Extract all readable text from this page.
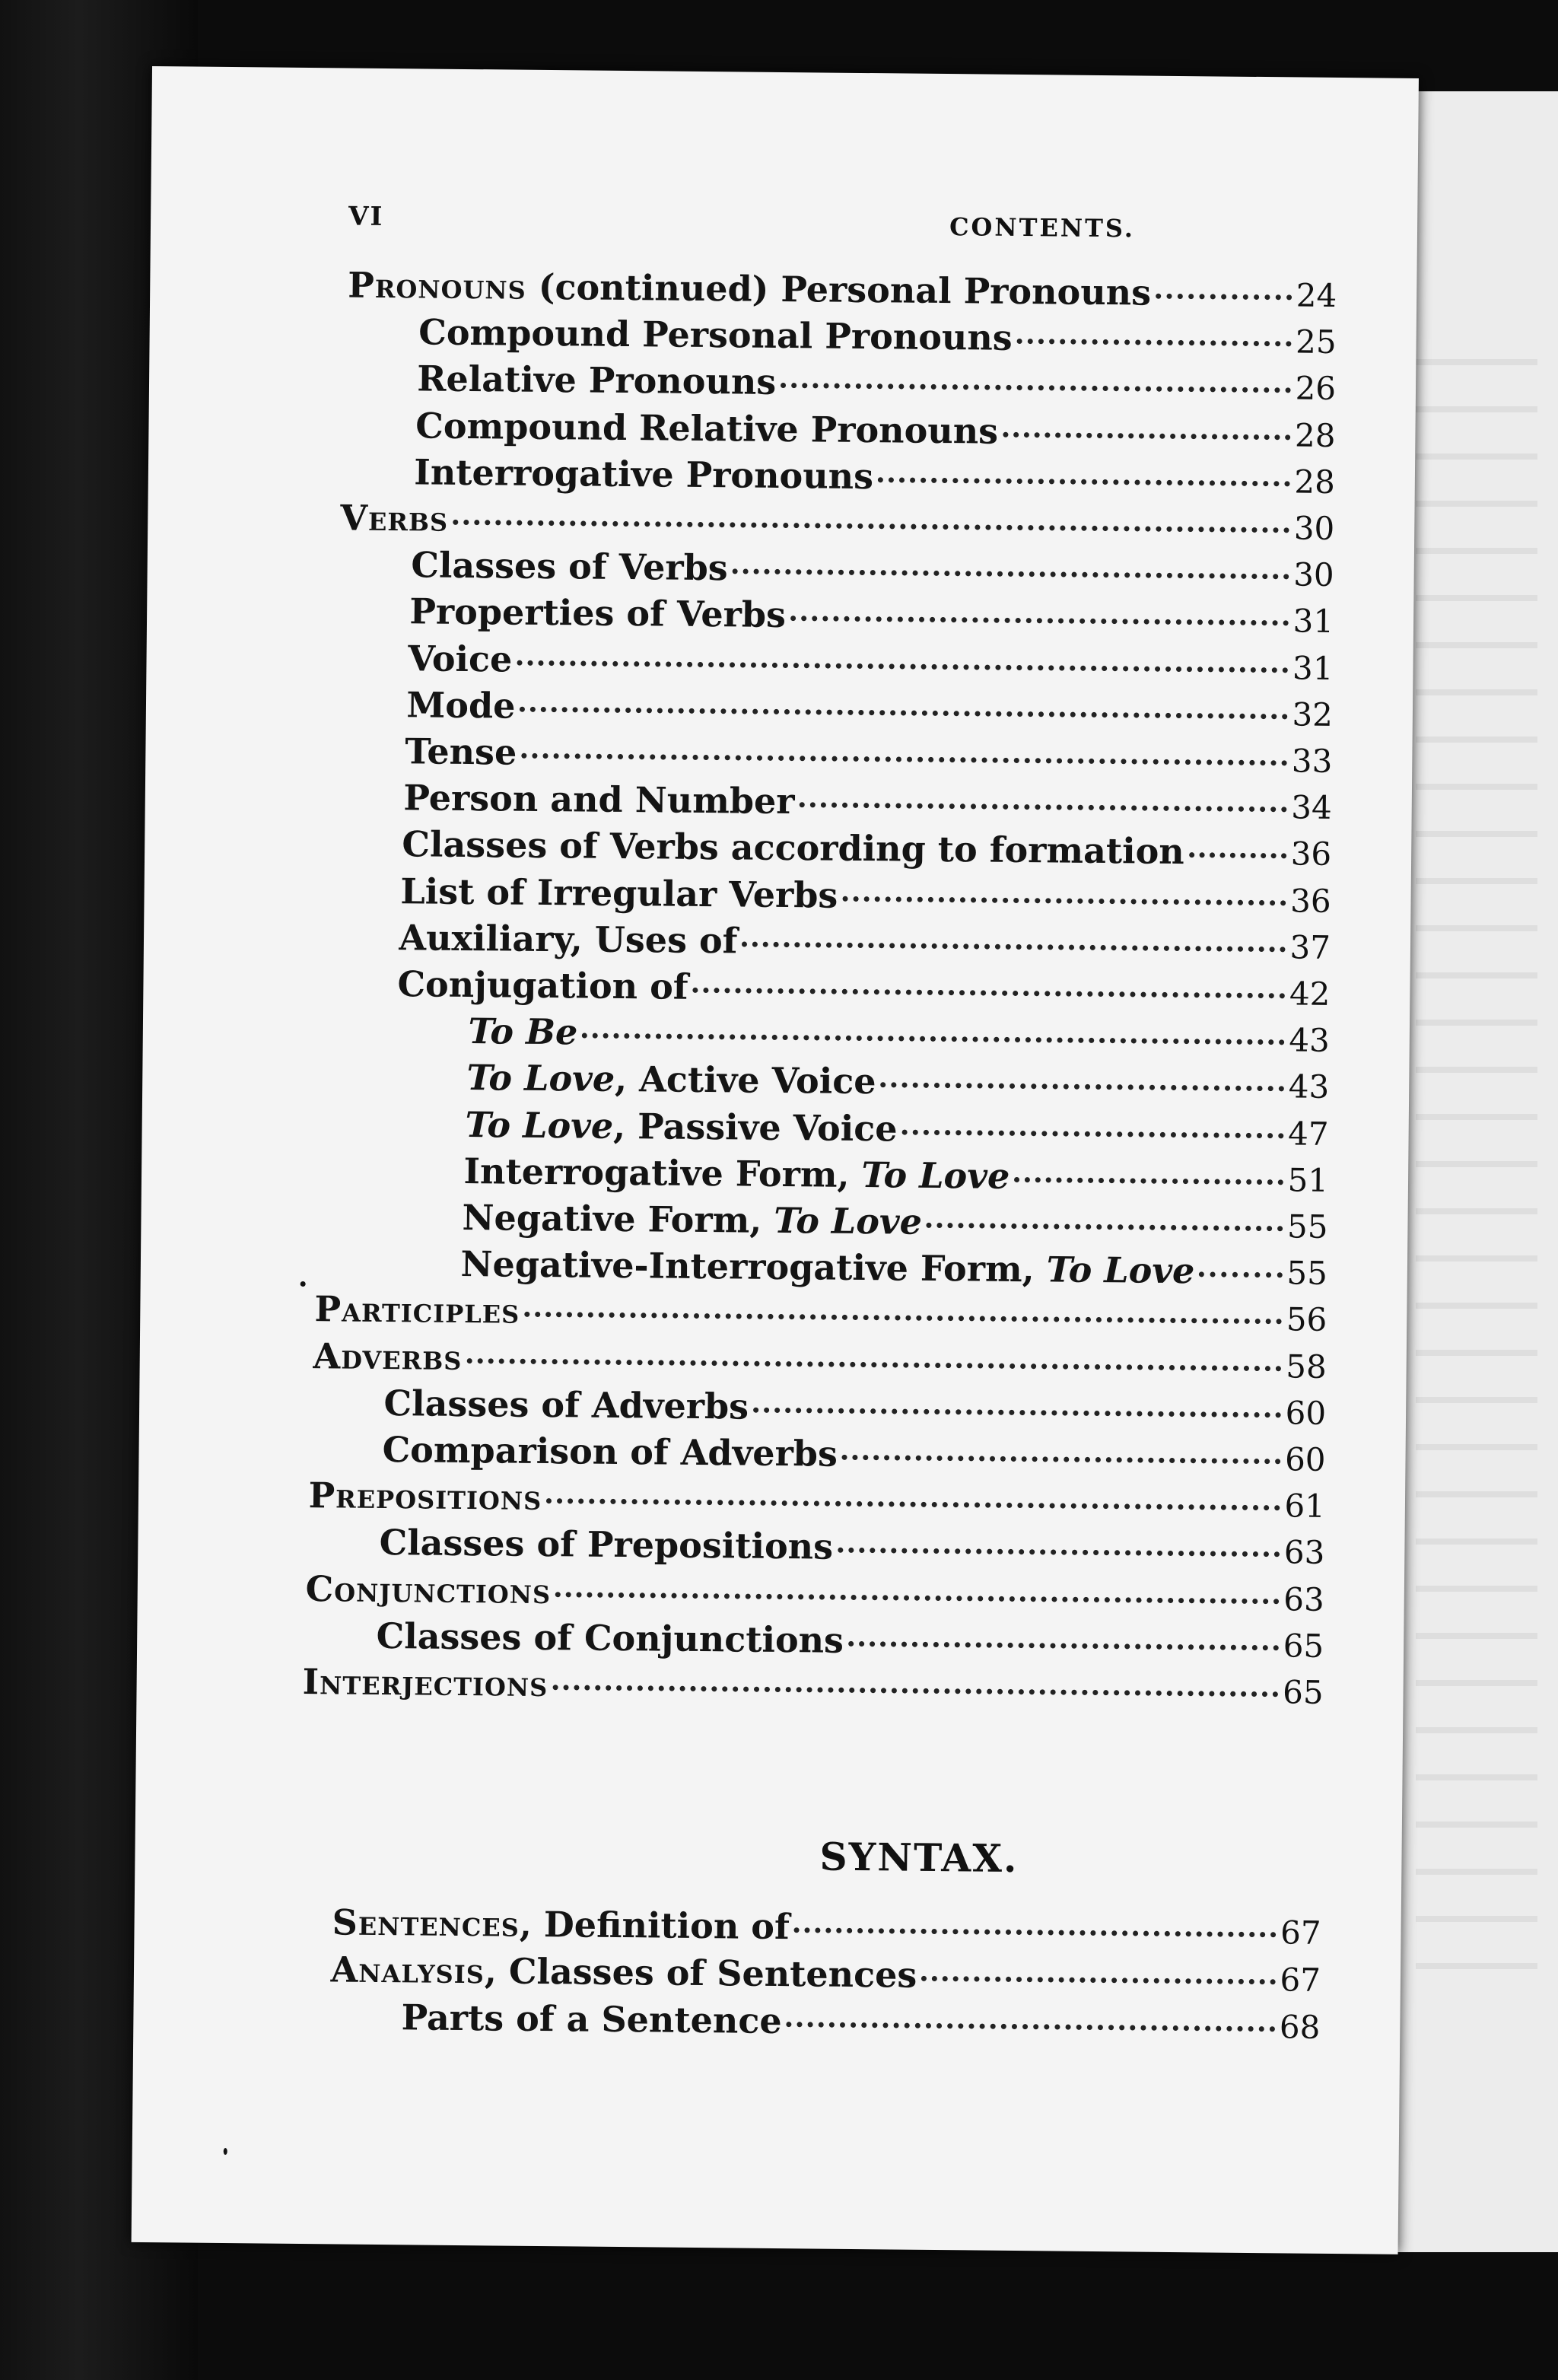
VI	CONTENTS.
Pronouns (continued) Personal Pronouns	24
Compound Personal Pronouns	25
Relative Pronouns	26
Compound Relative Pronouns	28
Interrogative Pronouns	28
Verbs	30
Classes of Verbs	30
Properties of Verbs	31
Voice	31
Mode	32
Tense	33
Person and Number	34
Classes of Verbs according to formation	36
List of Irregular Verbs	36
Auxiliary, Uses of	37
Conjugation of	42
To Be	43
To Love, Active Voice	43
To Love, Passive Voice	47
Interrogative Form, To Love	51
Negative Form, To Love	55
Negative-Interrogative Form, To Love	55
Participles	56
Adverbs	58
Classes of Adverbs	60
Comparison of Adverbs	60
Prepositions	61
Classes of Prepositions	63
Conjunctions	63
Classes of Conjunctions	65
Interjections	65
SYNTAX.
Sentences, Definition of	67
Analysis, Classes of Sentences	67
Parts of a Sentence	68
